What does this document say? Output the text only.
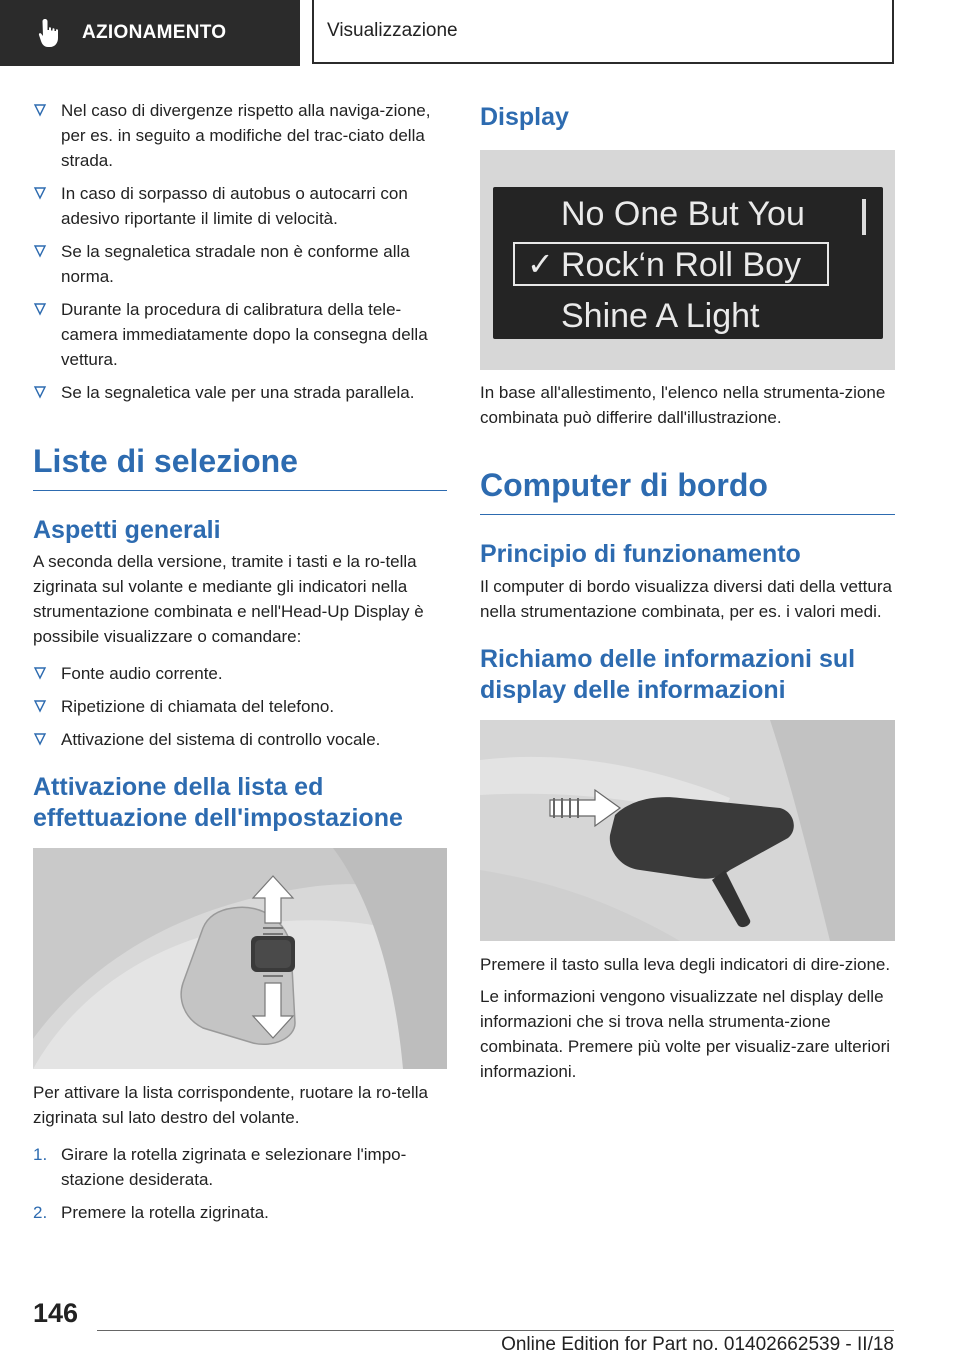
AZIONAMENTO	Visualizzazione
Nel caso di divergenze rispetto alla naviga-zione, per es. in seguito a modifiche del trac-ciato della strada.
In caso di sorpasso di autobus o autocarri con adesivo riportante il limite di velocità.
Se la segnaletica stradale non è conforme alla norma.
Durante la procedura di calibratura della tele-camera immediatamente dopo la consegna della vettura.
Se la segnaletica vale per una strada parallela.
Liste di selezione
Aspetti generali

A seconda della versione, tramite i tasti e la ro-tella zigrinata sul volante e mediante gli indicatori nella strumentazione combinata e nell'Head-Up Display è possibile visualizzare o comandare:

Fonte audio corrente.
Ripetizione di chiamata del telefono.
Attivazione del sistema di controllo vocale.
Attivazione della lista ed effettuazione dell'impostazione

Per attivare la lista corrispondente, ruotare la ro-tella zigrinata sul lato destro del volante.

1. Girare la rotella zigrinata e selezionare l'impo-stazione desiderata.
2. Premere la rotella zigrinata.
Display
No One But You
✓ Rock‘n Roll Boy
Shine A Light

In base all'allestimento, l'elenco nella strumenta-zione combinata può differire dall'illustrazione.

Computer di bordo
Principio di funzionamento

Il computer di bordo visualizza diversi dati della vettura nella strumentazione combinata, per es. i valori medi.

Richiamo delle informazioni sul display delle informazioni

Premere il tasto sulla leva degli indicatori di dire-zione.

Le informazioni vengono visualizzate nel display delle informazioni che si trova nella strumenta-zione combinata. Premere più volte per visualiz-zare ulteriori informazioni.

146
Online Edition for Part no. 01402662539 - II/18
